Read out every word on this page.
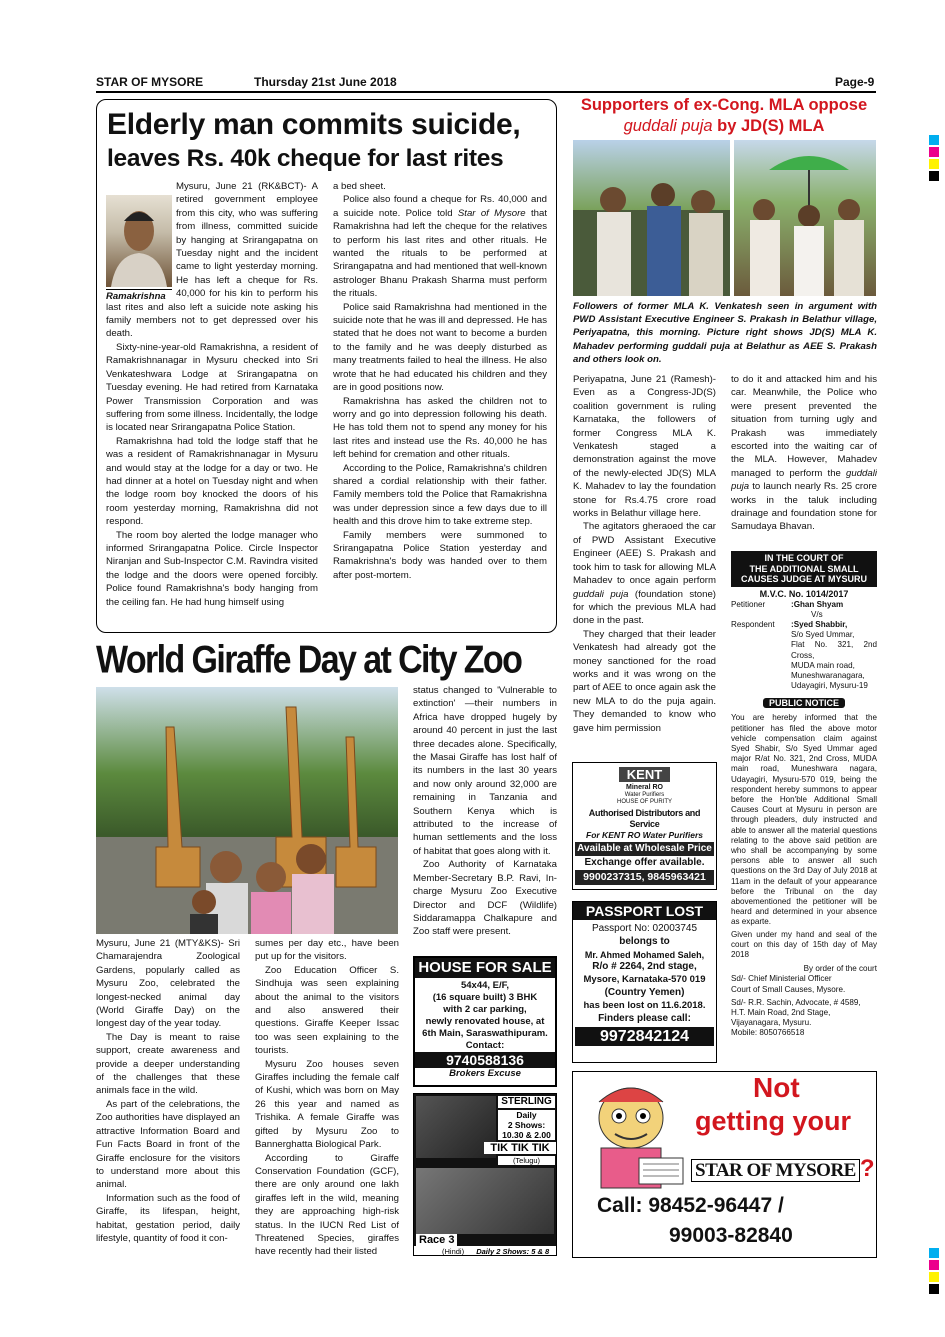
STAR OF MYSORE	Thursday 21st June 2018	Page-9
Elderly man commits suicide,
leaves Rs. 40k cheque for last rites
Ramakrishna

Mysuru, June 21 (RK&BCT)- A retired government employee from this city, who was suffering from illness, committed suicide by hanging at Srirangapatna on Tuesday night and the incident came to light yesterday morning. He has left a cheque for Rs. 40,000 for his kin to perform his last rites and also left a suicide note asking his family members not to get depressed over his death.

Sixty-nine-year-old Ramakrishna, a resident of Ramakrishnanagar in Mysuru checked into Sri Venkateshwara Lodge at Srirangapatna on Tuesday evening. He had retired from Karnataka Power Transmission Corporation and was suffering from some illness. Incidentally, the lodge is located near Srirangapatna Police Station.

Ramakrishna had told the lodge staff that he was a resident of Ramakrishnanagar in Mysuru and would stay at the lodge for a day or two. He had dinner at a hotel on Tuesday night and when the lodge room boy knocked the doors of his room yesterday morning, Ramakrishna did not respond.

The room boy alerted the lodge manager who informed Srirangapatna Police. Circle Inspector Niranjan and Sub-Inspector C.M. Ravindra visited the lodge and the doors were opened forcibly. Police found Ramakrishna's body hanging from the ceiling fan. He had hung himself using

a bed sheet.

Police also found a cheque for Rs. 40,000 and a suicide note. Police told Star of Mysore that Ramakrishna had left the cheque for the relatives to perform his last rites and other rituals. He wanted the rituals to be performed at Srirangapatna and had mentioned that well-known astrologer Bhanu Prakash Sharma must perform the rituals.

Police said Ramakrishna had mentioned in the suicide note that he was ill and depressed. He has stated that he does not want to become a burden to the family and he was deeply disturbed as many treatments failed to heal the illness. He also wrote that he had educated his children and they are in good positions now.

Ramakrishna has asked the children not to worry and go into depression following his death. He has told them not to spend any money for his last rites and instead use the Rs. 40,000 he has left behind for cremation and other rituals.

According to the Police, Ramakrishna's children shared a cordial relationship with their father. Family members told the Police that Ramakrishna was under depression since a few days due to ill health and this drove him to take extreme step.

Family members were summoned to Srirangapatna Police Station yesterday and Ramakrishna's body was handed over to them after post-mortem.

Supporters of ex-Cong. MLA oppose
guddali puja by JD(S) MLA
Followers of former MLA K. Venkatesh seen in argument with PWD Assistant Executive Engineer S. Prakash in Belathur village, Periyapatna, this morning. Picture right shows JD(S) MLA K. Mahadev performing guddali puja at Belathur as AEE S. Prakash and others look on.

Periyapatna, June 21 (Ramesh)- Even as a Congress-JD(S) coalition government is ruling Karnataka, the followers of former Congress MLA K. Venkatesh staged a demonstration against the move of the newly-elected JD(S) MLA K. Mahadev to lay the foundation stone for Rs.4.75 crore road works in Belathur village here.

The agitators gheraoed the car of PWD Assistant Executive Engineer (AEE) S. Prakash and took him to task for allowing MLA Mahadev to once again perform guddali puja (foundation stone) for which the previous MLA had done in the past.

They charged that their leader Venkatesh had already got the money sanctioned for the road works and it was wrong on the part of AEE to once again ask the new MLA to do the puja again. They demanded to know who gave him permission

to do it and attacked him and his car. Meanwhile, the Police who were present prevented the situation from turning ugly and Prakash was immediately escorted into the waiting car of the MLA. However, Mahadev managed to perform the guddali puja to launch nearly Rs. 25 crore works in the taluk including drainage and foundation stone for Samudaya Bhavan.

IN THE COURT OF
THE ADDITIONAL SMALL
CAUSES JUDGE AT MYSURU
M.V.C. No. 1014/2017
Petitioner	:Ghan Shyam
V/s
Respondent :Syed Shabbir,
S/o Syed Ummar,
Flat No. 321, 2nd Cross,
MUDA main road,
Muneshwaranagara,
Udayagiri, Mysuru-19
PUBLIC NOTICE
You are hereby informed that the petitioner has filed the above motor vehicle compensation claim against Syed Shabir, S/o Syed Ummar aged major R/at No. 321, 2nd Cross, MUDA main road, Muneshwara nagara, Udayagiri, Mysuru-570 019, being the respondent hereby summons to appear before the Hon'ble Additional Small Causes Court at Mysuru in person are through pleaders, duly instructed and able to answer all the material questions relating to the above said petition are who shall be accompanying by some persons able to answer all such questions on the 3rd Day of July 2018 at 11am in the default of your appearance before the Tribunal on the day abovementioned the petitioner will be heard and determined in your absence as exparte.
Given under my hand and seal of the court on this day of 15th day of May 2018
By order of the court
Sd/- Chief Ministerial Officer
Court of Small Causes, Mysore.
Sd/- R.R. Sachin, Advocate, # 4589,
H.T. Main Road, 2nd Stage,
Vijayanagara, Mysuru.
Mobile: 8050766518
KENT
Mineral RO
Water Purifiers
HOUSE OF PURITY
Authorised Distributors and Service
For KENT RO Water Purifiers
Available at Wholesale Price
Exchange offer available.
9900237315, 9845963421
PASSPORT LOST
Passport No: 02003745
belongs to
Mr. Ahmed Mohamed Saleh,
R/o # 2264, 2nd stage,
Mysore, Karnataka-570 019
(Country Yemen)
has been lost on 11.6.2018.
Finders please call:
9972842124
World Giraffe Day at City Zoo

Mysuru, June 21 (MTY&KS)- Sri Chamarajendra Zoological Gardens, popularly called as Mysuru Zoo, celebrated the longest-necked animal day (World Giraffe Day) on the longest day of the year today.

The Day is meant to raise support, create awareness and provide a deeper understanding of the challenges that these animals face in the wild.

As part of the celebrations, the Zoo authorities have displayed an attractive Information Board and Fun Facts Board in front of the Giraffe enclosure for the visitors to understand more about this animal.

Information such as the food of Giraffe, its lifespan, height, habitat, gestation period, daily lifestyle, quantity of food it con-

sumes per day etc., have been put up for the visitors.

Zoo Education Officer S. Sindhuja was seen explaining about the animal to the visitors and also answered their questions. Giraffe Keeper Issac too was seen explaining to the tourists.

Mysuru Zoo houses seven Giraffes including the female calf of Kushi, which was born on May 26 this year and named as Trishika. A female Giraffe was gifted by Mysuru Zoo to Bannerghatta Biological Park.

According to Giraffe Conservation Foundation (GCF), there are only around one lakh giraffes left in the wild, meaning they are approaching high-risk status. In the IUCN Red List of Threatened Species, giraffes have recently had their listed

status changed to 'Vulnerable to extinction' —their numbers in Africa have dropped hugely by around 40 percent in just the last three decades alone. Specifically, the Masai Giraffe has lost half of its numbers in the last 30 years and now only around 32,000 are remaining in Tanzania and Southern Kenya which is attributed to the increase of human settlements and the loss of habitat that goes along with it.

Zoo Authority of Karnataka Member-Secretary B.P. Ravi, In-charge Mysuru Zoo Executive Director and DCF (Wildlife) Siddaramappa Chalkapure and Zoo staff were present.

HOUSE FOR SALE
54x44, E/F,
(16 square built) 3 BHK
with 2 car parking,
newly renovated house, at
6th Main, Saraswathipuram.
Contact:
9740588136
Brokers Excuse
STERLING
Daily
2 Shows:
10.30 & 2.00
TIK TIK TIK
(Telugu)
Race 3
(Hindi) Daily 2 Shows: 5 & 8
Not
getting your
STAR OF MYSORE ?
Call: 98452-96447 /
99003-82840
